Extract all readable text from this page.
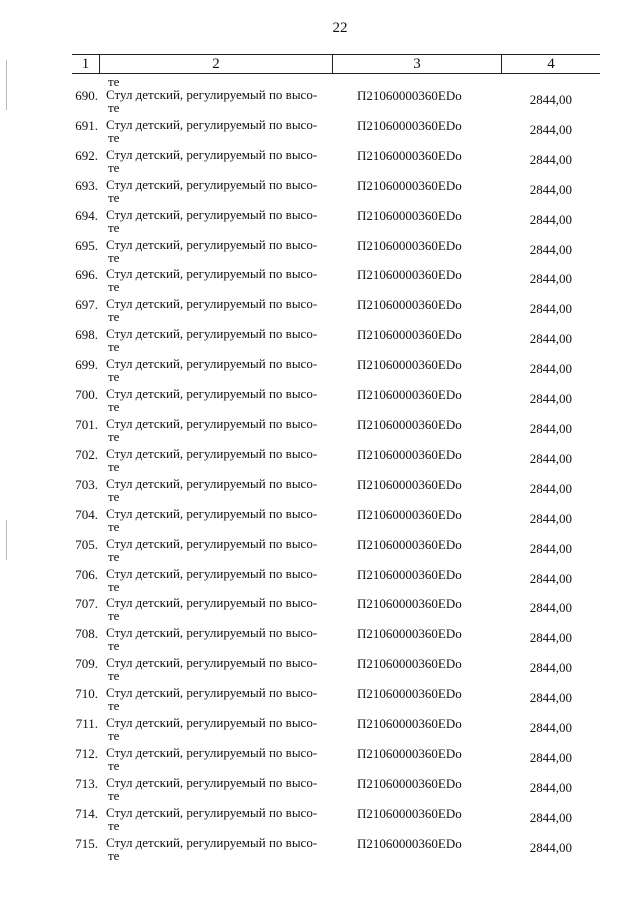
22
1	2	3	4
те
690. Стул детский, регулируемый по высо-
те
П21060000360EDo	2844,00
691. Стул детский, регулируемый по высо-
те
П21060000360EDo	2844,00
692. Стул детский, регулируемый по высо-
те
П21060000360EDo	2844,00
693. Стул детский, регулируемый по высо-
те
П21060000360EDo	2844,00
694. Стул детский, регулируемый по высо-
те
П21060000360EDo	2844,00
695. Стул детский, регулируемый по высо-
те
П21060000360EDo	2844,00
696. Стул детский, регулируемый по высо-
те
П21060000360EDo	2844,00
697. Стул детский, регулируемый по высо-
те
П21060000360EDo	2844,00
698. Стул детский, регулируемый по высо-
те
П21060000360EDo	2844,00
699. Стул детский, регулируемый по высо-
те
П21060000360EDo	2844,00
700. Стул детский, регулируемый по высо-
те
П21060000360EDo	2844,00
701. Стул детский, регулируемый по высо-
те
П21060000360EDo	2844,00
702. Стул детский, регулируемый по высо-
те
П21060000360EDo	2844,00
703. Стул детский, регулируемый по высо-
те
П21060000360EDo	2844,00
704. Стул детский, регулируемый по высо-
те
П21060000360EDo	2844,00
705. Стул детский, регулируемый по высо-
те
П21060000360EDo	2844,00
706. Стул детский, регулируемый по высо-
те
П21060000360EDo	2844,00
707. Стул детский, регулируемый по высо-
те
П21060000360EDo	2844,00
708. Стул детский, регулируемый по высо-
те
П21060000360EDo	2844,00
709. Стул детский, регулируемый по высо-
те
П21060000360EDo	2844,00
710. Стул детский, регулируемый по высо-
те
П21060000360EDo	2844,00
711. Стул детский, регулируемый по высо-
те
П21060000360EDo	2844,00
712. Стул детский, регулируемый по высо-
те
П21060000360EDo	2844,00
713. Стул детский, регулируемый по высо-
те
П21060000360EDo	2844,00
714. Стул детский, регулируемый по высо-
те
П21060000360EDo	2844,00
715. Стул детский, регулируемый по высо-
те
П21060000360EDo	2844,00
